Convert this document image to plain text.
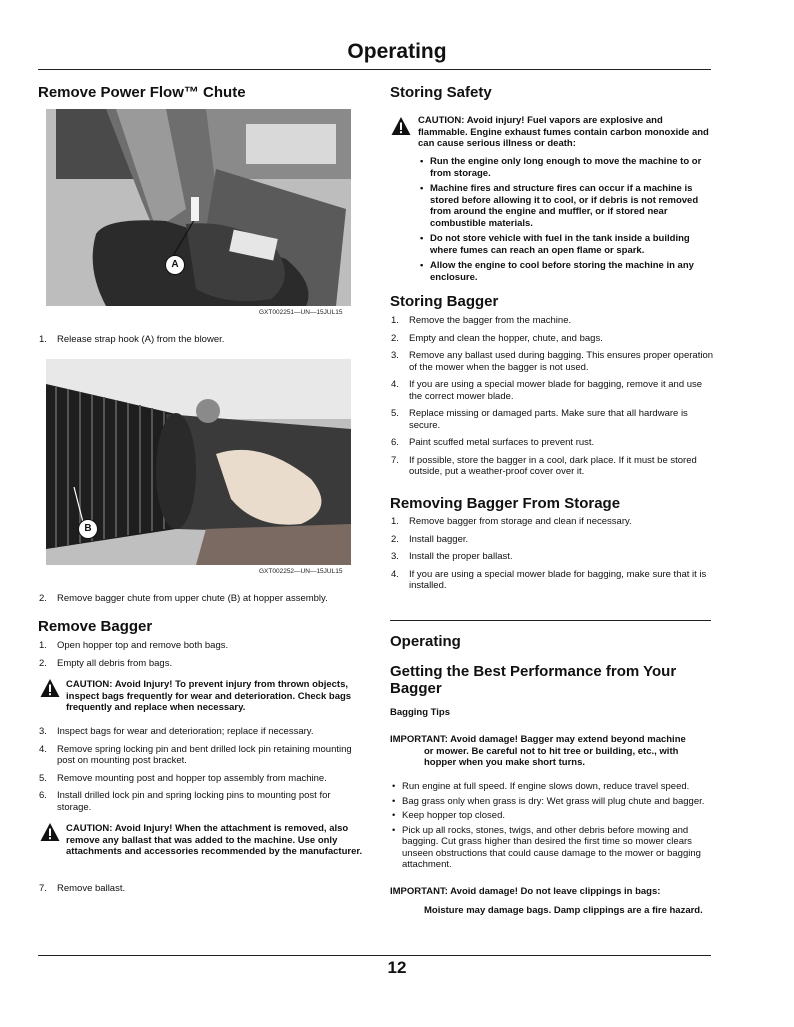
Operating
Remove Power Flow™ Chute
A
GXT002251—UN—15JUL15
1. Release strap hook (A) from the blower.
B
GXT002252—UN—15JUL15
2. Remove bagger chute from upper chute (B) at hopper assembly.
Remove Bagger
1. Open hopper top and remove both bags.
2. Empty all debris from bags.
CAUTION: Avoid Injury! To prevent injury from thrown objects, inspect bags frequently for wear and deterioration. Check bags frequently and replace when necessary.
3. Inspect bags for wear and deterioration; replace if necessary.
4. Remove spring locking pin and bent drilled lock pin retaining mounting post on mounting post bracket.
5. Remove mounting post and hopper top assembly from machine.
6. Install drilled lock pin and spring locking pins to mounting post for storage.
CAUTION: Avoid Injury! When the attachment is removed, also remove any ballast that was added to the machine. Use only attachments and accessories recommended by the manufacturer.
7. Remove ballast.
Storing Safety
CAUTION: Avoid injury! Fuel vapors are explosive and flammable. Engine exhaust fumes contain carbon monoxide and can cause serious illness or death:
• Run the engine only long enough to move the machine to or from storage.
• Machine fires and structure fires can occur if a machine is stored before allowing it to cool, or if debris is not removed from around the engine and muffler, or if stored near combustible materials.
• Do not store vehicle with fuel in the tank inside a building where fumes can reach an open flame or spark.
• Allow the engine to cool before storing the machine in any enclosure.
Storing Bagger
1. Remove the bagger from the machine.
2. Empty and clean the hopper, chute, and bags.
3. Remove any ballast used during bagging. This ensures proper operation of the mower when the bagger is not used.
4. If you are using a special mower blade for bagging, remove it and use the correct mower blade.
5. Replace missing or damaged parts. Make sure that all hardware is secure.
6. Paint scuffed metal surfaces to prevent rust.
7. If possible, store the bagger in a cool, dark place. If it must be stored outside, put a weather-proof cover over it.
Removing Bagger From Storage
1. Remove bagger from storage and clean if necessary.
2. Install bagger.
3. Install the proper ballast.
4. If you are using a special mower blade for bagging, make sure that it is installed.
Operating
Getting the Best Performance from Your
Bagger
Bagging Tips
IMPORTANT: Avoid damage! Bagger may extend beyond machine
or mower. Be careful not to hit tree or building, etc., with hopper when you make short turns.
• Run engine at full speed. If engine slows down, reduce travel speed.
• Bag grass only when grass is dry: Wet grass will plug chute and bagger.
• Keep hopper top closed.
• Pick up all rocks, stones, twigs, and other debris before mowing and bagging. Cut grass higher than desired the first time so mower clears unseen obstructions that could cause damage to the mower or bagging attachment.
IMPORTANT: Avoid damage! Do not leave clippings in bags:
Moisture may damage bags. Damp clippings are a fire hazard.
12
